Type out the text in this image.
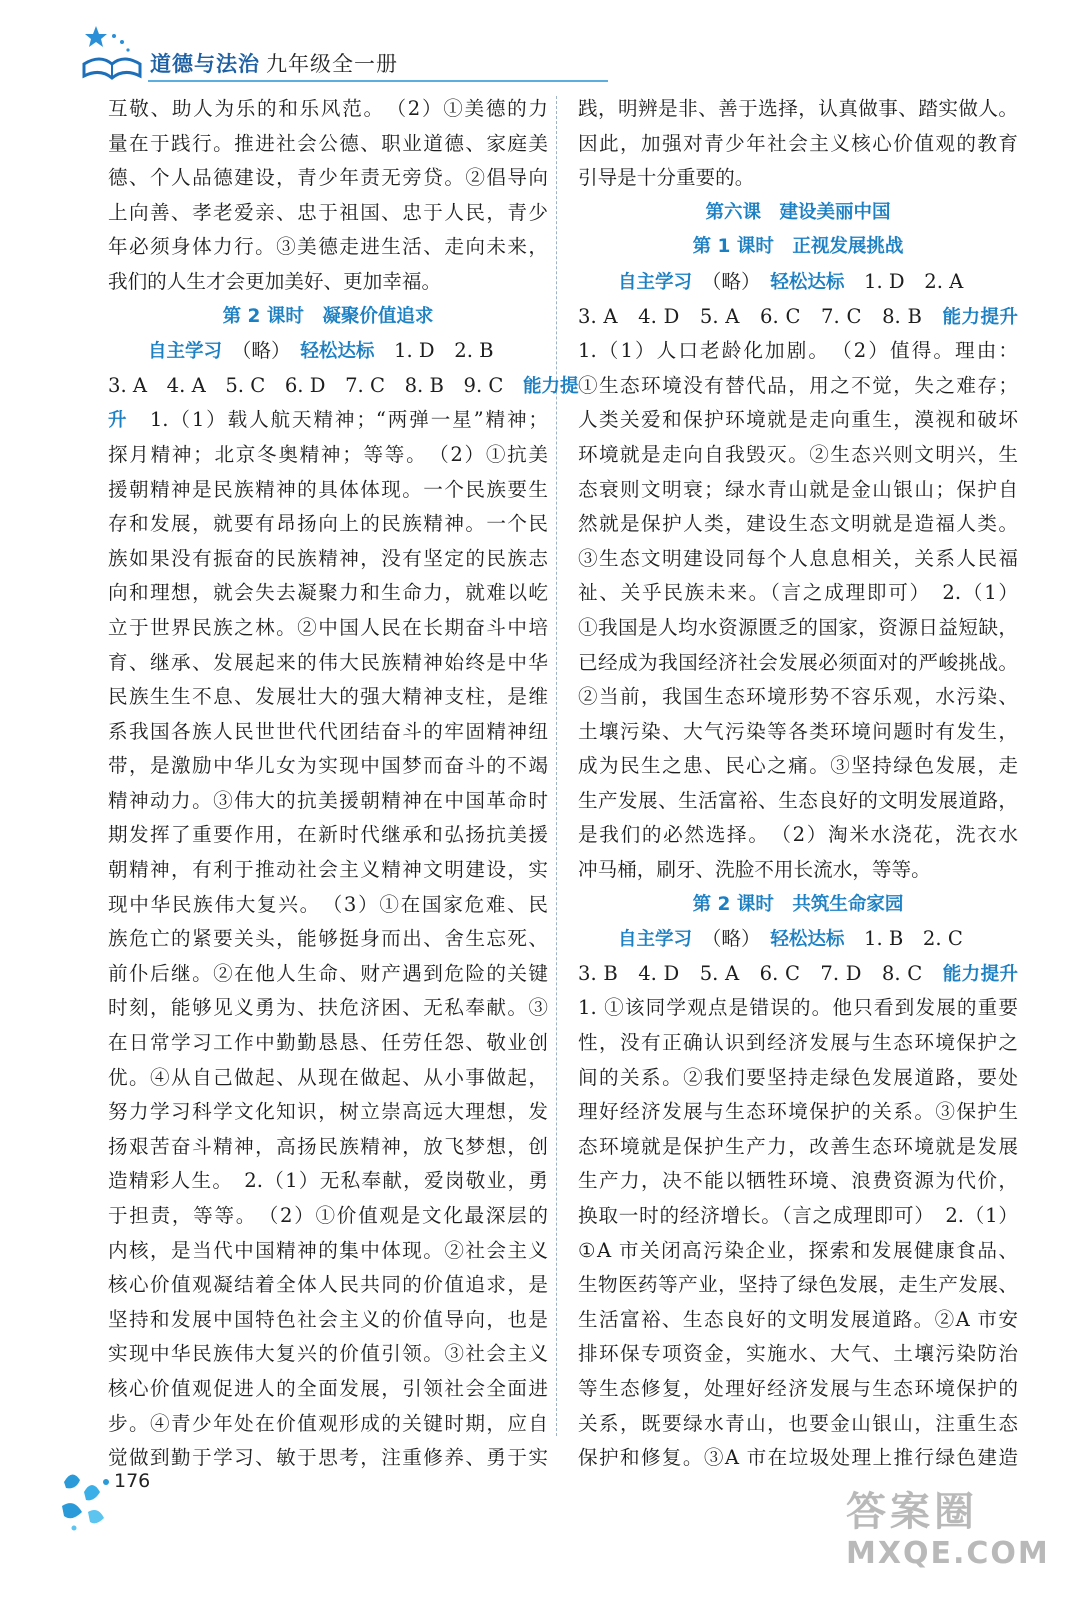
道德与法治 九年级全一册
互敬、助人为乐的和乐风范。　（2）①美德的力
量在于践行。推进社会公德、职业道德、家庭美
德、个人品德建设，青少年责无旁贷。②倡导向
上向善、孝老爱亲、忠于祖国、忠于人民，青少
年必须身体力行。③美德走进生活、走向未来，
我们的人生才会更加美好、更加幸福。
第 2 课时　凝聚价值追求
自主学习　 （略）　 轻松达标　 1. D　2. B
3. A　4. A　5. C　6. D　7. C　8. B　9. C　 能力提
升　 1.（1）载人航天精神；“两弹一星”精神；
探月精神；北京冬奥精神；等等。　（2）①抗美
援朝精神是民族精神的具体体现。一个民族要生
存和发展，就要有昂扬向上的民族精神。一个民
族如果没有振奋的民族精神，没有坚定的民族志
向和理想，就会失去凝聚力和生命力，就难以屹
立于世界民族之林。②中国人民在长期奋斗中培
育、继承、发展起来的伟大民族精神始终是中华
民族生生不息、发展壮大的强大精神支柱，是维
系我国各族人民世世代代团结奋斗的牢固精神纽
带，是激励中华儿女为实现中国梦而奋斗的不竭
精神动力。③伟大的抗美援朝精神在中国革命时
期发挥了重要作用，在新时代继承和弘扬抗美援
朝精神，有利于推动社会主义精神文明建设，实
现中华民族伟大复兴。　（3）①在国家危难、民
族危亡的紧要关头，能够挺身而出、舍生忘死、
前仆后继。②在他人生命、财产遇到危险的关键
时刻，能够见义勇为、扶危济困、无私奉献。③
在日常学习工作中勤勤恳恳、任劳任怨、敬业创
优。④从自己做起、从现在做起、从小事做起，
努力学习科学文化知识，树立崇高远大理想，发
扬艰苦奋斗精神，高扬民族精神，放飞梦想，创
造精彩人生。　2.（1）无私奉献，爱岗敬业，勇
于担责，等等。　（2）①价值观是文化最深层的
内核，是当代中国精神的集中体现。②社会主义
核心价值观凝结着全体人民共同的价值追求，是
坚持和发展中国特色社会主义的价值导向，也是
实现中华民族伟大复兴的价值引领。③社会主义
核心价值观促进人的全面发展，引领社会全面进
步。④青少年处在价值观形成的关键时期，应自
觉做到勤于学习、敏于思考，注重修养、勇于实
践，明辨是非、善于选择，认真做事、踏实做人。
因此，加强对青少年社会主义核心价值观的教育
引导是十分重要的。
第六课　建设美丽中国
第 1 课时　正视发展挑战
自主学习　 （略）　 轻松达标　 1. D　2. A
3. A　4. D　5. A　6. C　7. C　8. B　 能力提升
1.（1）人口老龄化加剧。　（2）值得。理由：
①生态环境没有替代品，用之不觉，失之难存；
人类关爱和保护环境就是走向重生，漠视和破坏
环境就是走向自我毁灭。②生态兴则文明兴，生
态衰则文明衰；绿水青山就是金山银山；保护自
然就是保护人类，建设生态文明就是造福人类。
③生态文明建设同每个人息息相关，关系人民福
祉、关乎民族未来。（言之成理即可）　2.（1）
①我国是人均水资源匮乏的国家，资源日益短缺，
已经成为我国经济社会发展必须面对的严峻挑战。
②当前，我国生态环境形势不容乐观，水污染、
土壤污染、大气污染等各类环境问题时有发生，
成为民生之患、民心之痛。③坚持绿色发展，走
生产发展、生活富裕、生态良好的文明发展道路，
是我们的必然选择。　（2）淘米水浇花，洗衣水
冲马桶，刷牙、洗脸不用长流水，等等。
第 2 课时　共筑生命家园
自主学习　 （略）　 轻松达标　 1. B　2. C
3. B　4. D　5. A　6. C　7. D　8. C　 能力提升
1. ①该同学观点是错误的。他只看到发展的重要
性，没有正确认识到经济发展与生态环境保护之
间的关系。②我们要坚持走绿色发展道路，要处
理好经济发展与生态环境保护的关系。③保护生
态环境就是保护生产力，改善生态环境就是发展
生产力，决不能以牺牲环境、浪费资源为代价，
换取一时的经济增长。（言之成理即可）　2.（1）
①A 市关闭高污染企业，探索和发展健康食品、
生物医药等产业，坚持了绿色发展，走生产发展、
生活富裕、生态良好的文明发展道路。②A 市安
排环保专项资金，实施水、大气、土壤污染防治
等生态修复，处理好经济发展与生态环境保护的
关系，既要绿水青山，也要金山银山，注重生态
保护和修复。③A 市在垃圾处理上推行绿色建造
176
答案圈
MXQE.COM
